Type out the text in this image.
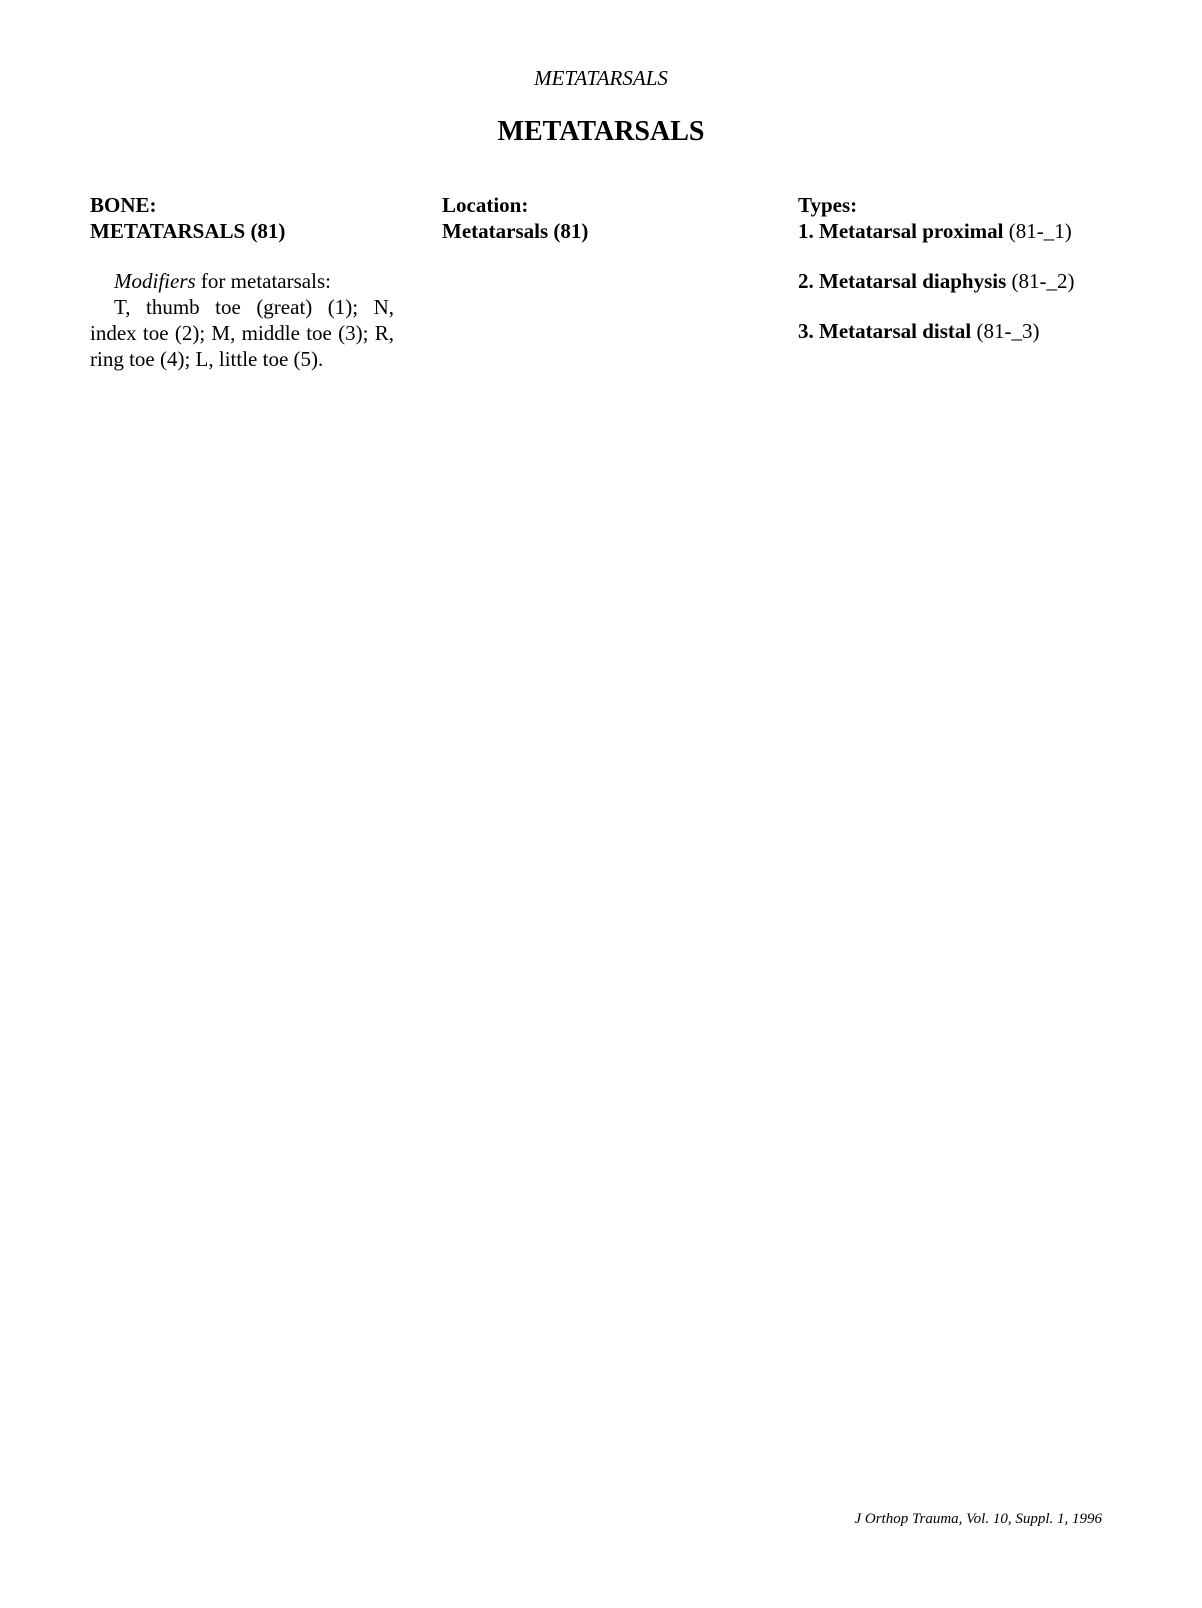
METATARSALS
METATARSALS
BONE:
METATARSALS (81)
Modifiers for metatarsals:
T, thumb toe (great) (1); N, index toe (2); M, middle toe (3); R, ring toe (4); L, little toe (5).
Location:
Metatarsals (81)
Types:
1. Metatarsal proximal (81-_1)
2. Metatarsal diaphysis (81-_2)
3. Metatarsal distal (81-_3)
J Orthop Trauma, Vol. 10, Suppl. 1, 1996
